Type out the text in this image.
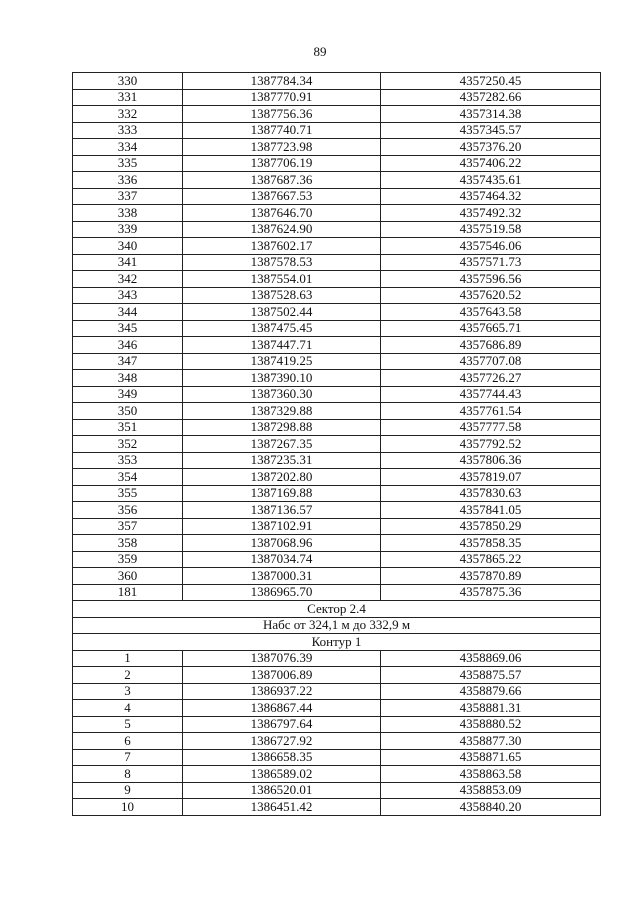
89
330	1387784.34	4357250.45
331	1387770.91	4357282.66
332	1387756.36	4357314.38
333	1387740.71	4357345.57
334	1387723.98	4357376.20
335	1387706.19	4357406.22
336	1387687.36	4357435.61
337	1387667.53	4357464.32
338	1387646.70	4357492.32
339	1387624.90	4357519.58
340	1387602.17	4357546.06
341	1387578.53	4357571.73
342	1387554.01	4357596.56
343	1387528.63	4357620.52
344	1387502.44	4357643.58
345	1387475.45	4357665.71
346	1387447.71	4357686.89
347	1387419.25	4357707.08
348	1387390.10	4357726.27
349	1387360.30	4357744.43
350	1387329.88	4357761.54
351	1387298.88	4357777.58
352	1387267.35	4357792.52
353	1387235.31	4357806.36
354	1387202.80	4357819.07
355	1387169.88	4357830.63
356	1387136.57	4357841.05
357	1387102.91	4357850.29
358	1387068.96	4357858.35
359	1387034.74	4357865.22
360	1387000.31	4357870.89
181	1386965.70	4357875.36
Сектор 2.4		
Набс от 324,1 м до 332,9 м		
Контур 1		
1	1387076.39	4358869.06
2	1387006.89	4358875.57
3	1386937.22	4358879.66
4	1386867.44	4358881.31
5	1386797.64	4358880.52
6	1386727.92	4358877.30
7	1386658.35	4358871.65
8	1386589.02	4358863.58
9	1386520.01	4358853.09
10	1386451.42	4358840.20
